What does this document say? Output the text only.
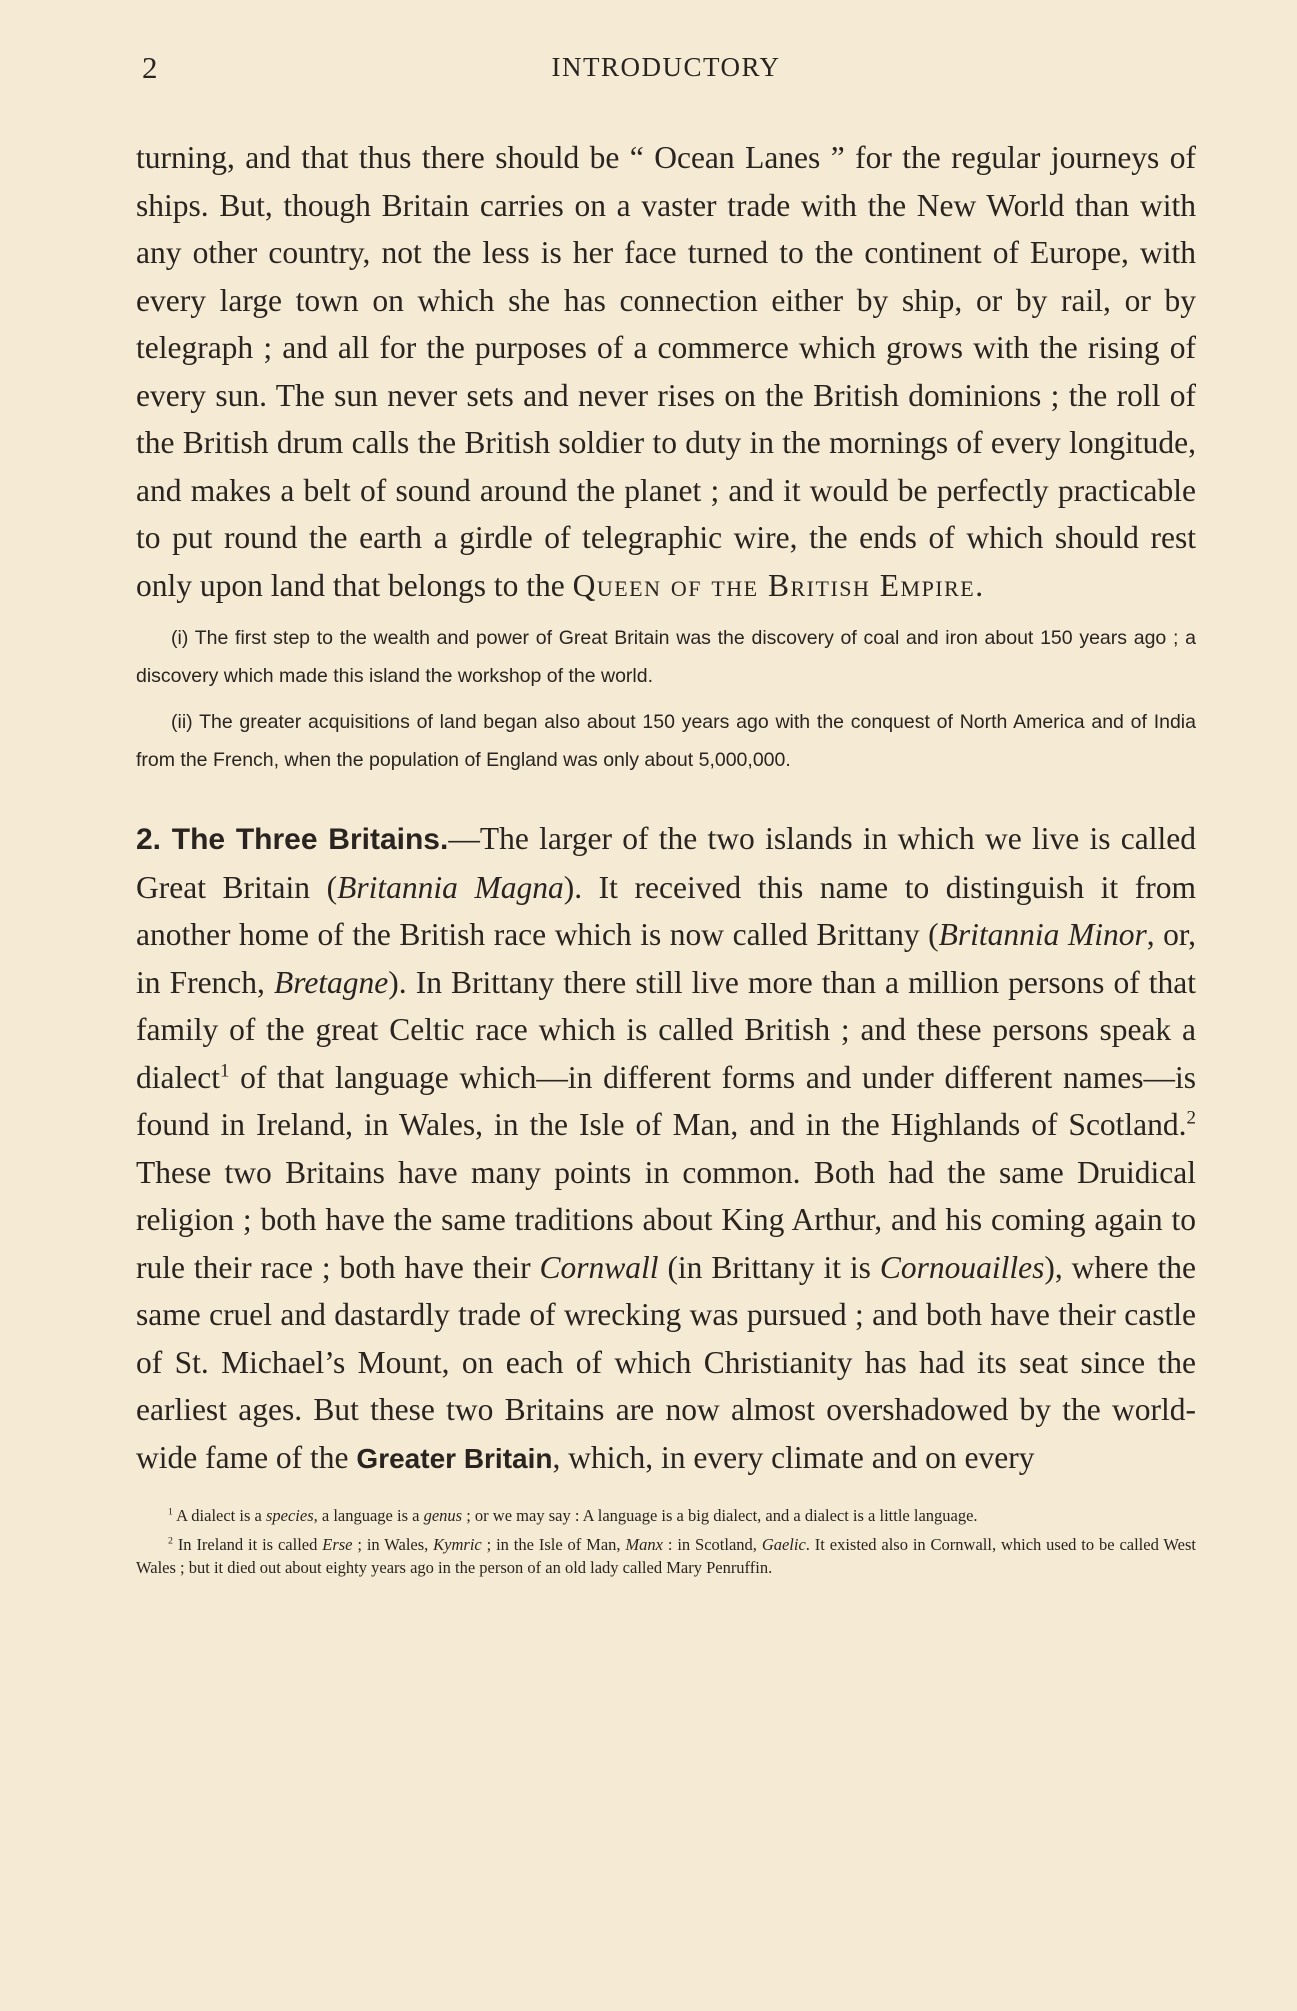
2	INTRODUCTORY

turning, and that thus there should be “ Ocean Lanes ” for the regular journeys of ships. But, though Britain carries on a vaster trade with the New World than with any other country, not the less is her face turned to the continent of Europe, with every large town on which she has connection either by ship, or by rail, or by telegraph ; and all for the purposes of a commerce which grows with the rising of every sun. The sun never sets and never rises on the British dominions ; the roll of the British drum calls the British soldier to duty in the mornings of every longitude, and makes a belt of sound around the planet ; and it would be perfectly practicable to put round the earth a girdle of telegraphic wire, the ends of which should rest only upon land that belongs to the Queen of the British Empire.

(i) The first step to the wealth and power of Great Britain was the discovery of coal and iron about 150 years ago ; a discovery which made this island the workshop of the world.

(ii) The greater acquisitions of land began also about 150 years ago with the conquest of North America and of India from the French, when the population of England was only about 5,000,000.

2. The Three Britains.—The larger of the two islands in which we live is called Great Britain (Britannia Magna). It received this name to distinguish it from another home of the British race which is now called Brittany (Britannia Minor, or, in French, Bretagne). In Brittany there still live more than a million persons of that family of the great Celtic race which is called British ; and these persons speak a dialect$^1$ of that language which—in different forms and under different names—is found in Ireland, in Wales, in the Isle of Man, and in the Highlands of Scotland.$^2$ These two Britains have many points in common. Both had the same Druidical religion ; both have the same traditions about King Arthur, and his coming again to rule their race ; both have their Cornwall (in Brittany it is Cornouailles), where the same cruel and dastardly trade of wrecking was pursued ; and both have their castle of St. Michael’s Mount, on each of which Christianity has had its seat since the earliest ages. But these two Britains are now almost overshadowed by the world-wide fame of the Greater Britain, which, in every climate and on every

$^1$ A dialect is a species, a language is a genus ; or we may say : A language is a big dialect, and a dialect is a little language.

$^2$ In Ireland it is called Erse ; in Wales, Kymric ; in the Isle of Man, Manx : in Scotland, Gaelic. It existed also in Cornwall, which used to be called West Wales ; but it died out about eighty years ago in the person of an old lady called Mary Penruffin.
